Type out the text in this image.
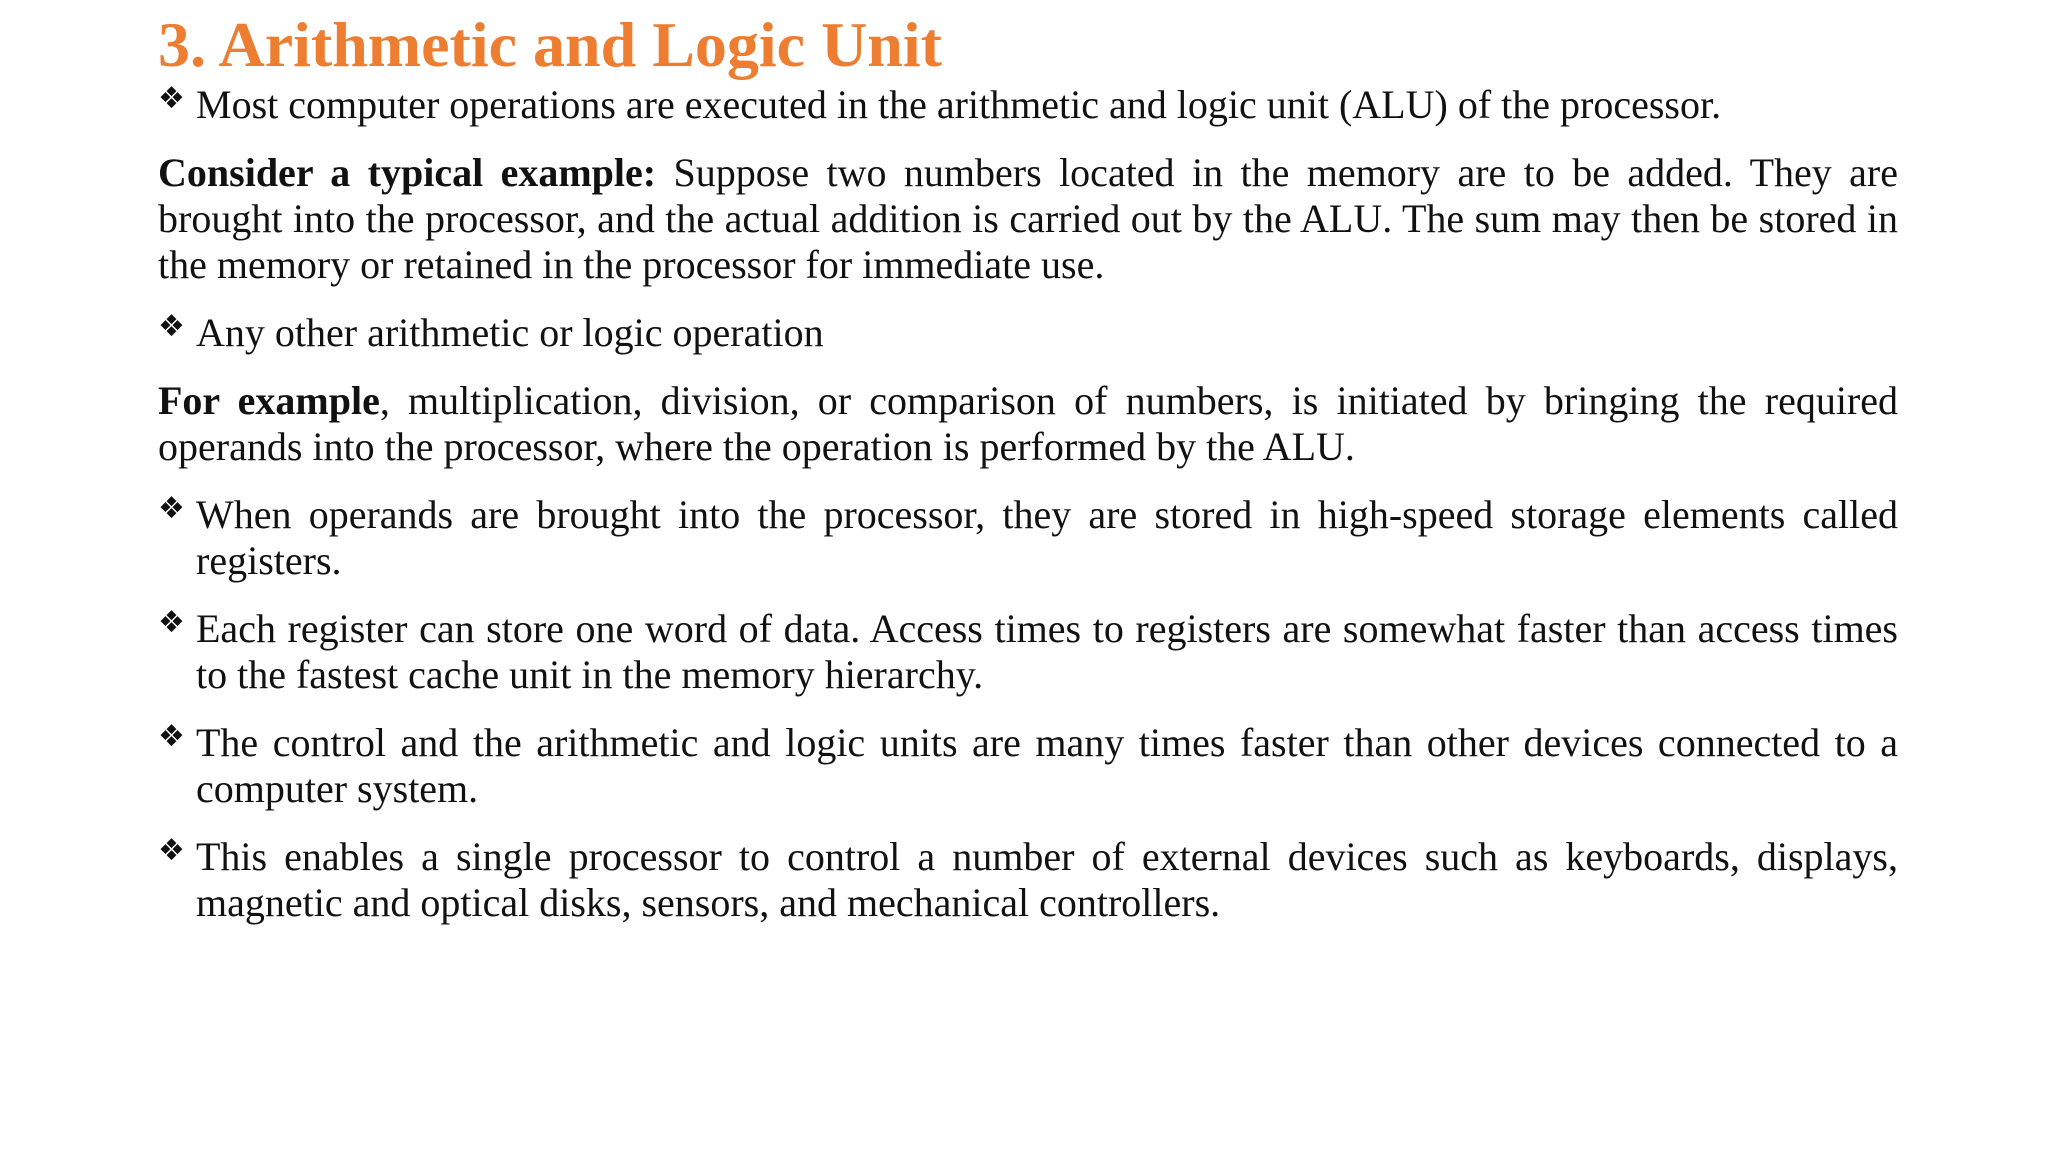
3. Arithmetic and Logic Unit

❖ Most computer operations are executed in the arithmetic and logic unit (ALU) of the processor.

Consider a typical example: Suppose two numbers located in the memory are to be added. They are brought into the processor, and the actual addition is carried out by the ALU. The sum may then be stored in the memory or retained in the processor for immediate use.

❖ Any other arithmetic or logic operation

For example, multiplication, division, or comparison of numbers, is initiated by bringing the required operands into the processor, where the operation is performed by the ALU.

❖ When operands are brought into the processor, they are stored in high-speed storage elements called registers.

❖ Each register can store one word of data. Access times to registers are somewhat faster than access times to the fastest cache unit in the memory hierarchy.

❖ The control and the arithmetic and logic units are many times faster than other devices connected to a computer system.

❖ This enables a single processor to control a number of external devices such as keyboards, displays, magnetic and optical disks, sensors, and mechanical controllers.
